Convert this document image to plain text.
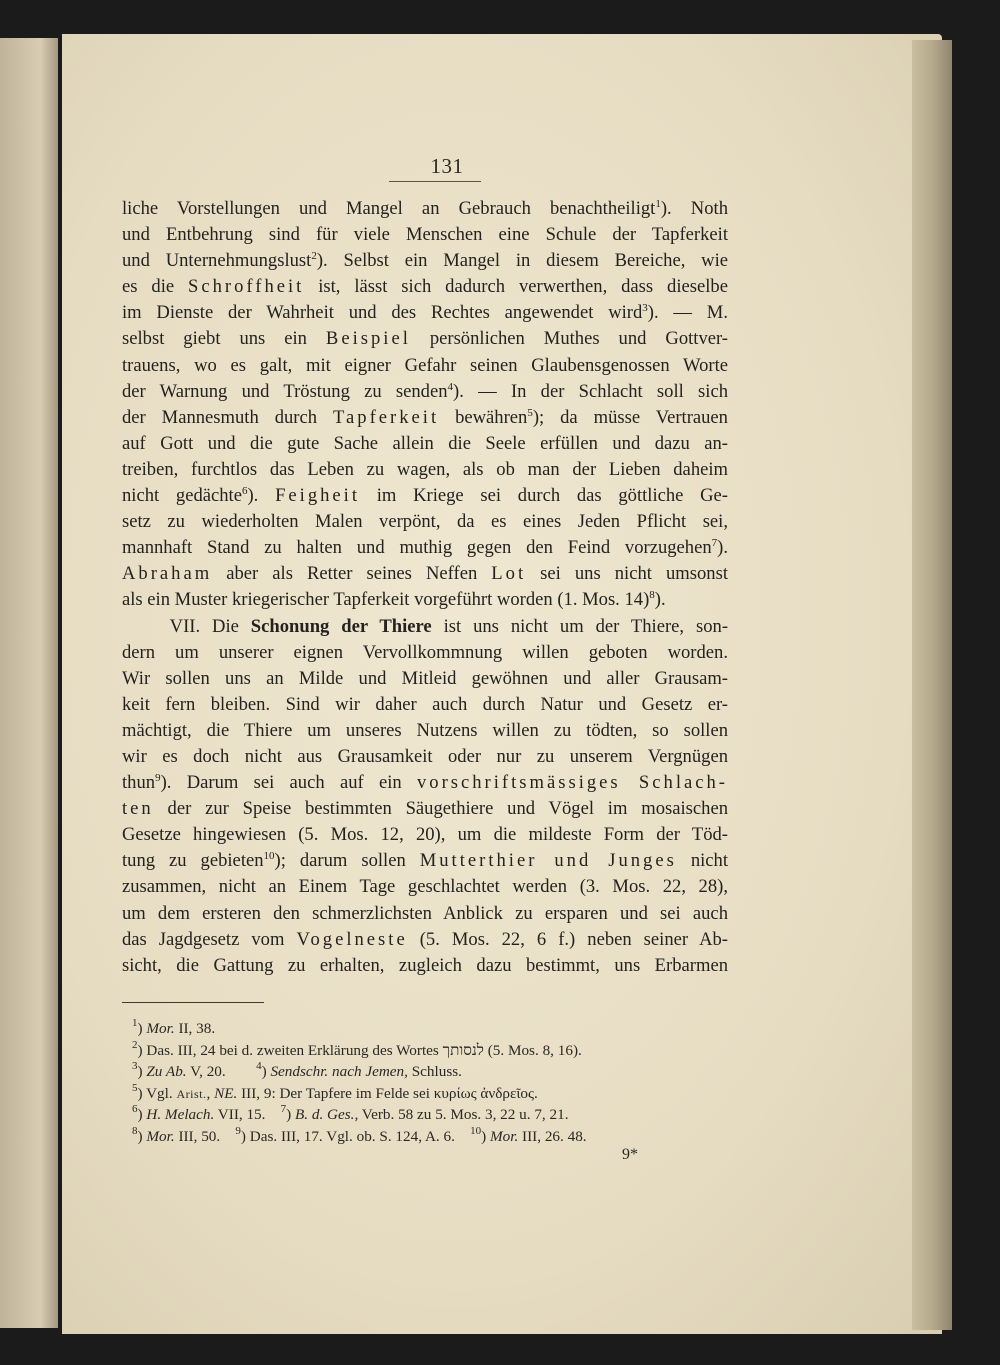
131
liche Vorstellungen und Mangel an Gebrauch benachtheiligt$^1$). Noth
und Entbehrung sind für viele Menschen eine Schule der Tapferkeit
und Unternehmungslust$^2$). Selbst ein Mangel in diesem Bereiche, wie
es die Schroffheit ist, lässt sich dadurch verwerthen, dass dieselbe
im Dienste der Wahrheit und des Rechtes angewendet wird$^3$). — M.
selbst giebt uns ein Beispiel persönlichen Muthes und Gottver-
trauens, wo es galt, mit eigner Gefahr seinen Glaubensgenossen Worte
der Warnung und Tröstung zu senden$^4$). — In der Schlacht soll sich
der Mannesmuth durch Tapferkeit bewähren$^5$); da müsse Vertrauen
auf Gott und die gute Sache allein die Seele erfüllen und dazu an-
treiben, furchtlos das Leben zu wagen, als ob man der Lieben daheim
nicht gedächte$^6$). Feigheit im Kriege sei durch das göttliche Ge-
setz zu wiederholten Malen verpönt, da es eines Jeden Pflicht sei,
mannhaft Stand zu halten und muthig gegen den Feind vorzugehen$^7$).
Abraham aber als Retter seines Neffen Lot sei uns nicht umsonst
als ein Muster kriegerischer Tapferkeit vorgeführt worden (1. Mos. 14)$^8$).
VII. Die Schonung der Thiere ist uns nicht um der Thiere, son-
dern um unserer eignen Vervollkommnung willen geboten worden.
Wir sollen uns an Milde und Mitleid gewöhnen und aller Grausam-
keit fern bleiben. Sind wir daher auch durch Natur und Gesetz er-
mächtigt, die Thiere um unseres Nutzens willen zu tödten, so sollen
wir es doch nicht aus Grausamkeit oder nur zu unserem Vergnügen
thun$^9$). Darum sei auch auf ein vorschriftsmässiges Schlach-
ten der zur Speise bestimmten Säugethiere und Vögel im mosaischen
Gesetze hingewiesen (5. Mos. 12, 20), um die mildeste Form der Töd-
tung zu gebieten$^{10}$); darum sollen Mutterthier und Junges nicht
zusammen, nicht an Einem Tage geschlachtet werden (3. Mos. 22, 28),
um dem ersteren den schmerzlichsten Anblick zu ersparen und sei auch
das Jagdgesetz vom Vogelneste (5. Mos. 22, 6 f.) neben seiner Ab-
sicht, die Gattung zu erhalten, zugleich dazu bestimmt, uns Erbarmen
$^1$) Mor. II, 38.
$^2$) Das. III, 24 bei d. zweiten Erklärung des Wortes לנסותך (5. Mos. 8, 16).
$^3$) Zu Ab. V, 20.	$^4$) Sendschr. nach Jemen, Schluss.
$^5$) Vgl. Arist., NE. III, 9: Der Tapfere im Felde sei κυρίως ἀνδρεῖος.
$^6$) H. Melach. VII, 15. $^7$) B. d. Ges., Verb. 58 zu 5. Mos. 3, 22 u. 7, 21.
$^8$) Mor. III, 50. $^9$) Das. III, 17. Vgl. ob. S. 124, A. 6. $^{10}$) Mor. III, 26. 48.
9*
